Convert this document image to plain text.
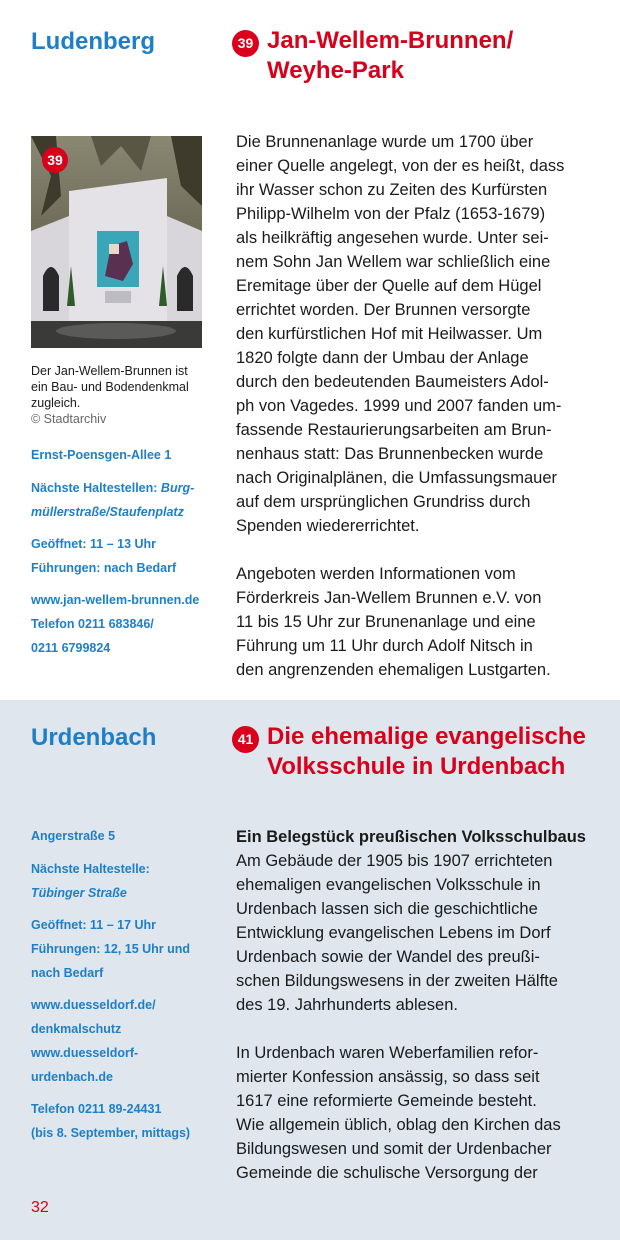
Ludenberg	39 Jan-Wellem-Brunnen/
Weyhe-Park
39
Der Jan-Wellem-Brunnen ist
ein Bau- und Bodendenkmal
zugleich.
© Stadtarchiv
Ernst-Poensgen-Allee 1
Nächste Haltestellen: Burg-
müllerstraße/Staufenplatz
Geöffnet: 11 – 13 Uhr
Führungen: nach Bedarf
www.jan-wellem-brunnen.de
Telefon 0211 683846/
0211 6799824

Die Brunnenanlage wurde um 1700 über
einer Quelle angelegt, von der es heißt, dass
ihr Wasser schon zu Zeiten des Kurfürsten
Philipp-Wilhelm von der Pfalz (1653-1679)
als heilkräftig angesehen wurde. Unter sei-
nem Sohn Jan Wellem war schließlich eine
Eremitage über der Quelle auf dem Hügel
errichtet worden. Der Brunnen versorgte
den kurfürstlichen Hof mit Heilwasser. Um
1820 folgte dann der Umbau der Anlage
durch den bedeutenden Baumeisters Adol-
ph von Vagedes. 1999 und 2007 fanden um-
fassende Restaurierungsarbeiten am Brun-
nenhaus statt: Das Brunnenbecken wurde
nach Originalplänen, die Umfassungsmauer
auf dem ursprünglichen Grundriss durch
Spenden wiedererrichtet.

Angeboten werden Informationen vom
Förderkreis Jan-Wellem Brunnen e.V. von
11 bis 15 Uhr zur Brunenanlage und eine
Führung um 11 Uhr durch Adolf Nitsch in
den angrenzenden ehemaligen Lustgarten.

Urdenbach	41 Die ehemalige evangelische
Volksschule in Urdenbach
Angerstraße 5
Nächste Haltestelle:
Tübinger Straße
Geöffnet: 11 – 17 Uhr
Führungen: 12, 15 Uhr und
nach Bedarf
www.duesseldorf.de/
denkmalschutz
www.duesseldorf-
urdenbach.de
Telefon 0211 89-24431
(bis 8. September, mittags)

Ein Belegstück preußischen Volksschulbaus
Am Gebäude der 1905 bis 1907 errichteten
ehemaligen evangelischen Volksschule in
Urdenbach lassen sich die geschichtliche
Entwicklung evangelischen Lebens im Dorf
Urdenbach sowie der Wandel des preußi-
schen Bildungswesens in der zweiten Hälfte
des 19. Jahrhunderts ablesen.

In Urdenbach waren Weberfamilien refor-
mierter Konfession ansässig, so dass seit
1617 eine reformierte Gemeinde besteht.
Wie allgemein üblich, oblag den Kirchen das
Bildungswesen und somit der Urdenbacher
Gemeinde die schulische Versorgung der

32
